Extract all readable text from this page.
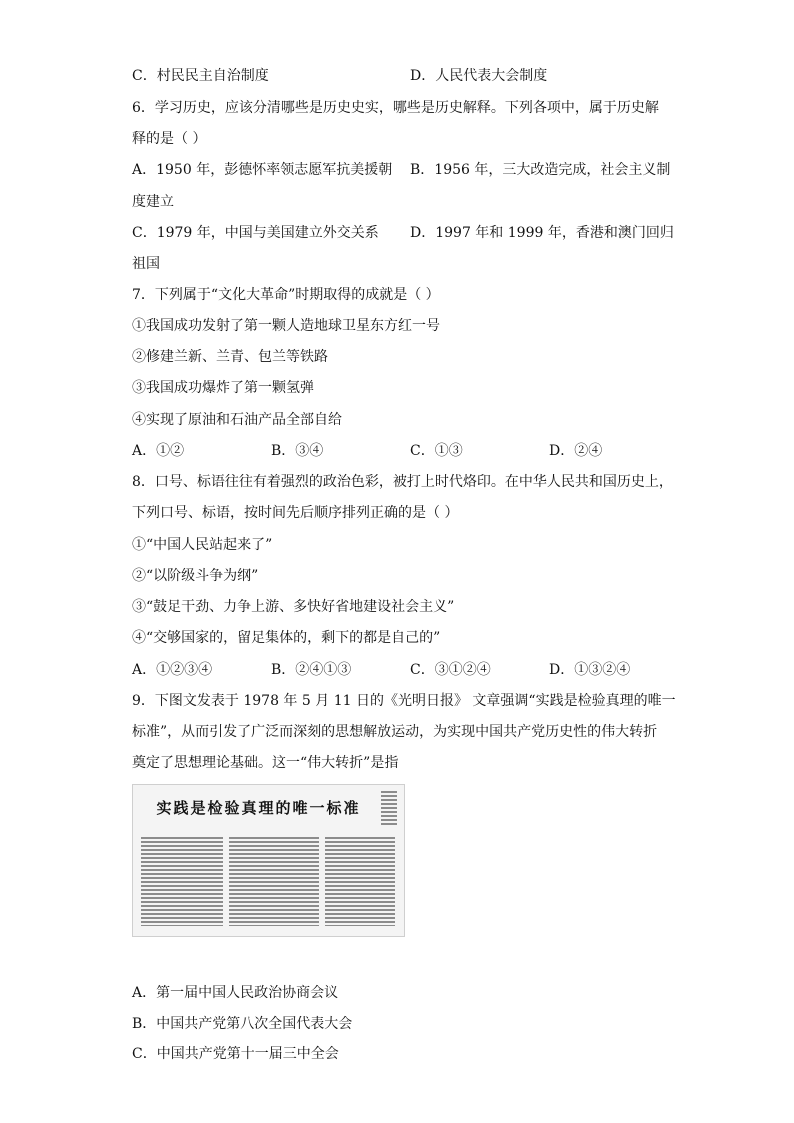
C．村民民主自治制度	D．人民代表大会制度
6．学习历史，应该分清哪些是历史史实，哪些是历史解释。下列各项中，属于历史解
释的是（ ）
A．1950 年，彭德怀率领志愿军抗美援朝 B．1956 年，三大改造完成，社会主义制
度建立
C．1979 年，中国与美国建立外交关系 D．1997 年和 1999 年，香港和澳门回归
祖国
7．下列属于“文化大革命”时期取得的成就是（ ）
①我国成功发射了第一颗人造地球卫星东方红一号
②修建兰新、兰青、包兰等铁路
③我国成功爆炸了第一颗氢弹
④实现了原油和石油产品全部自给
A．①②	B．③④	C．①③	D．②④
8．口号、标语往往有着强烈的政治色彩，被打上时代烙印。在中华人民共和国历史上，
下列口号、标语，按时间先后顺序排列正确的是（ ）
①“中国人民站起来了”
②“以阶级斗争为纲”
③“鼓足干劲、力争上游、多快好省地建设社会主义”
④“交够国家的，留足集体的，剩下的都是自己的”
A．①②③④	B．②④①③	C．③①②④	D．①③②④
9．下图文发表于 1978 年 5 月 11 日的《光明日报》 文章强调“实践是检验真理的唯一
标准”，从而引发了广泛而深刻的思想解放运动，为实现中国共产党历史性的伟大转折
奠定了思想理论基础。这一“伟大转折”是指
实践是检验真理的唯一标准
A．第一届中国人民政治协商会议
B．中国共产党第八次全国代表大会
C．中国共产党第十一届三中全会
